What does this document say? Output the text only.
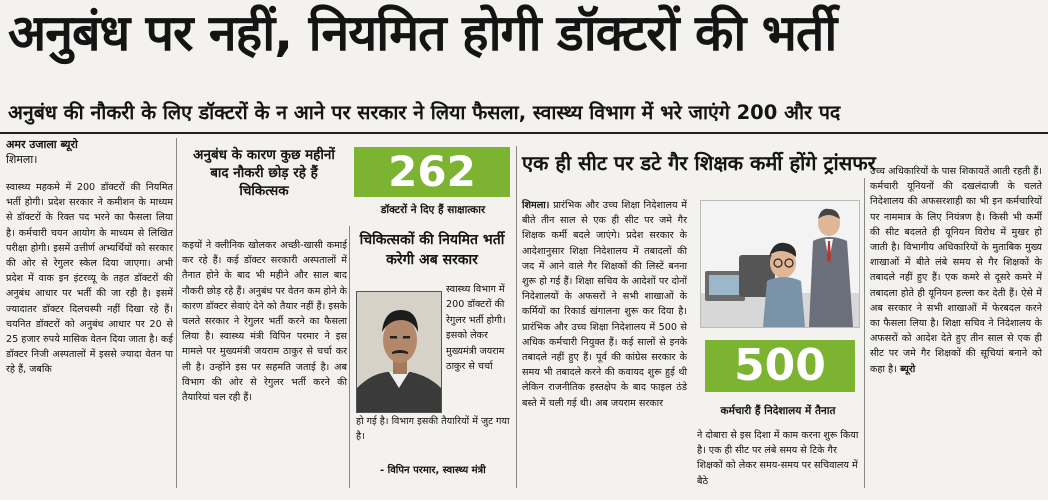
अनुबंध पर नहीं, नियमित होगी डॉक्टरों की भर्ती
अनुबंध की नौकरी के लिए डॉक्टरों के न आने पर सरकार ने लिया फैसला, स्वास्थ्य विभाग में भरे जाएंगे 200 और पद
अमर उजाला ब्यूरो
शिमला।
स्वास्थ्य महकमे में 200 डॉक्टरों की नियमित भर्ती होगी। प्रदेश सरकार ने कमीशन के माध्यम से डॉक्टरों के रिक्त पद भरने का फैसला लिया है। कर्मचारी चयन आयोग के माध्यम से लिखित परीक्षा होगी। इसमें उत्तीर्ण अभ्यर्थियों को सरकार की ओर से रेगुलर स्केल दिया जाएगा। अभी प्रदेश में वाक इन इंटरव्यू के तहत डॉक्टरों की अनुबंध आधार पर भर्ती की जा रही है। इसमें ज्यादातर डॉक्टर दिलचस्पी नहीं दिखा रहे हैं। चयनित डॉक्टरों को अनुबंध आधार पर 20 से 25 हजार रुपये मासिक वेतन दिया जाता है। कई डॉक्टर निजी अस्पतालों में इससे ज्यादा वेतन पा रहे हैं, जबकि
अनुबंध के कारण कुछ महीनों बाद नौकरी छोड़ रहे हैं चिकित्सक	262
डॉक्टरों ने दिए हैं साक्षात्कार
कइयों ने क्लीनिक खोलकर अच्छी-खासी कमाई कर रहे हैं। कई डॉक्टर सरकारी अस्पतालों में तैनात होने के बाद भी महीने और साल बाद नौकरी छोड़ रहे हैं। अनुबंध पर वेतन कम होने के कारण डॉक्टर सेवाएं देने को तैयार नहीं हैं। इसके चलते सरकार ने रेगुलर भर्ती करने का फैसला लिया है। स्वास्थ्य मंत्री विपिन परमार ने इस मामले पर मुख्यमंत्री जयराम ठाकुर से चर्चा कर ली है। उन्होंने इस पर सहमति जताई है। अब विभाग की ओर से रेगुलर भर्ती करने की तैयारियां चल रही हैं।
चिकित्सकों की नियमित भर्ती करेगी अब सरकार
स्वास्थ्य विभाग में 200 डॉक्टरों की रेगुलर भर्ती होगी। इसको लेकर मुख्यमंत्री जयराम ठाकुर से चर्चा
हो गई है। विभाग इसकी तैयारियों में जुट गया है।
- विपिन परमार, स्वास्थ्य मंत्री
एक ही सीट पर डटे गैर शिक्षक कर्मी होंगे ट्रांसफर
शिमला। प्रारंभिक और उच्च शिक्षा निदेशालय में बीते तीन साल से एक ही सीट पर जमे गैर शिक्षक कर्मी बदले जाएंगे। प्रदेश सरकार के आदेशानुसार शिक्षा निदेशालय में तबादलों की जद में आने वाले गैर शिक्षकों की लिस्टें बनना शुरू हो गई हैं। शिक्षा सचिव के आदेशों पर दोनों निदेशालयों के अफसरों ने सभी शाखाओं के कर्मियों का रिकार्ड खंगालना शुरू कर दिया है। प्रारंभिक और उच्च शिक्षा निदेशालय में 500 से अधिक कर्मचारी नियुक्त हैं। कई सालों से इनके तबादले नहीं हुए हैं। पूर्व की कांग्रेस सरकार के समय भी तबादले करने की कवायद शुरू हुई थी लेकिन राजनीतिक हस्तक्षेप के बाद फाइल ठंडे बस्ते में चली गई थी। अब जयराम सरकार
500
कर्मचारी हैं निदेशालय में तैनात
ने दोबारा से इस दिशा में काम करना शुरू किया है। एक ही सीट पर लंबे समय से टिके गैर शिक्षकों को लेकर समय-समय पर सचिवालय में बैठे
उच्च अधिकारियों के पास शिकायतें आती रहती हैं। कर्मचारी यूनियनों की दखलंदाजी के चलते निदेशालय की अफसरशाही का भी इन कर्मचारियों पर नाममात्र के लिए नियंत्रण है। किसी भी कर्मी की सीट बदलते ही यूनियन विरोध में मुखर हो जाती है। विभागीय अधिकारियों के मुताबिक मुख्य शाखाओं में बीते लंबे समय से गैर शिक्षकों के तबादले नहीं हुए हैं। एक कमरे से दूसरे कमरे में तबादला होते ही यूनियन हल्ला कर देती हैं। ऐसे में अब सरकार ने सभी शाखाओं में फेरबदल करने का फैसला लिया है। शिक्षा सचिव ने निदेशालय के अफसरों को आदेश देते हुए तीन साल से एक ही सीट पर जमे गैर शिक्षकों की सूचियां बनाने को कहा है। ब्यूरो
